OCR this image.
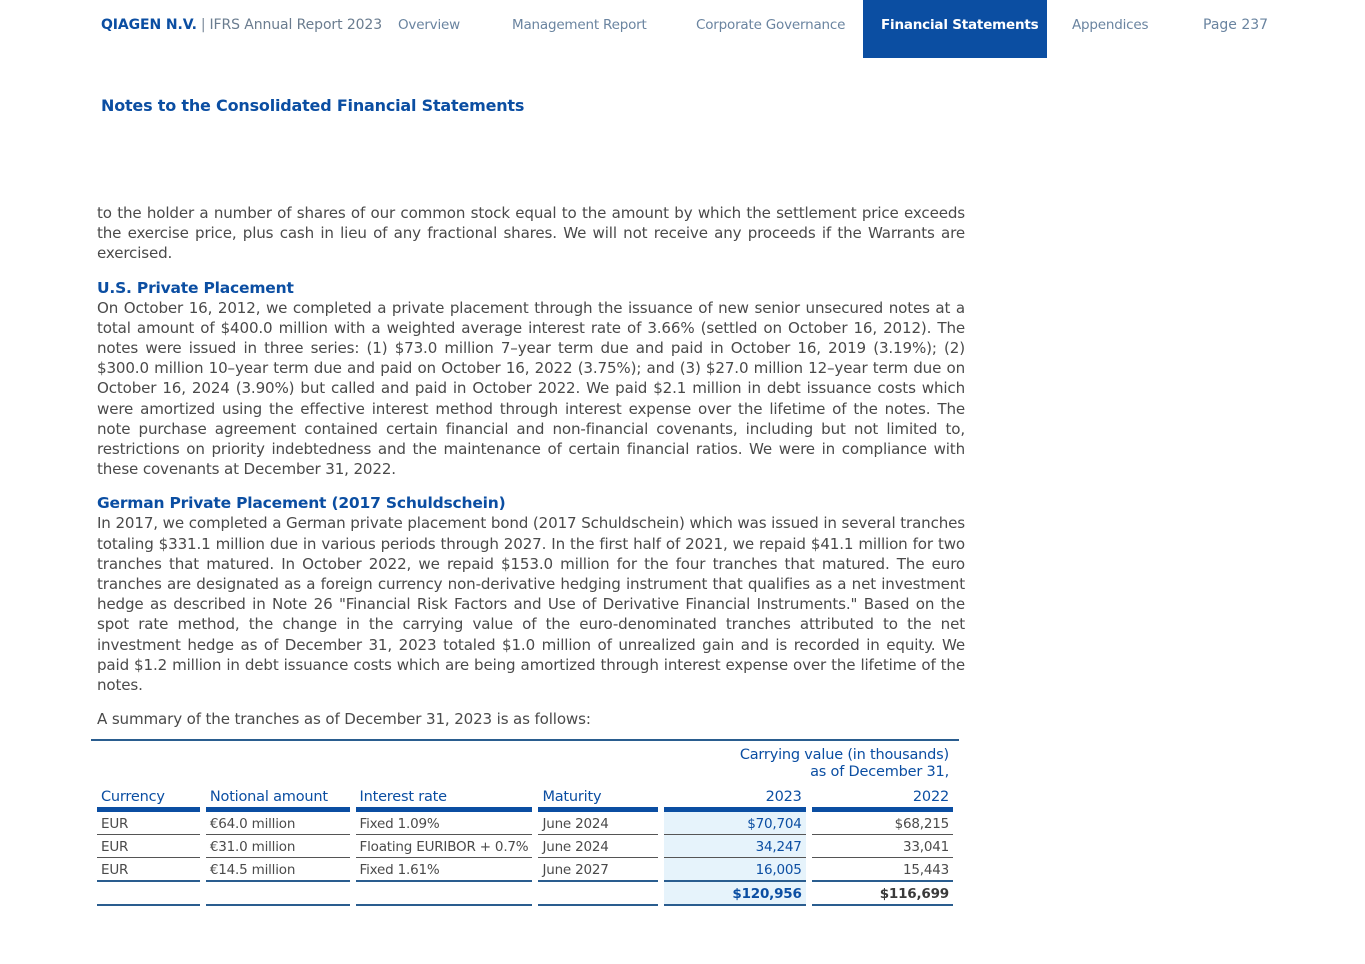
QIAGEN N.V. | IFRS Annual Report 2023 Overview	Management Report	Corporate Governance	Financial Statements	Appendices	Page 237
Notes to the Consolidated Financial Statements

to the holder a number of shares of our common stock equal to the amount by which the settlement price exceeds the exercise price, plus cash in lieu of any fractional shares. We will not receive any proceeds if the Warrants are exercised.

U.S. Private Placement

On October 16, 2012, we completed a private placement through the issuance of new senior unsecured notes at a total amount of $400.0 million with a weighted average interest rate of 3.66% (settled on October 16, 2012). The notes were issued in three series: (1) $73.0 million 7–year term due and paid in October 16, 2019 (3.19%); (2) $300.0 million 10–year term due and paid on October 16, 2022 (3.75%); and (3) $27.0 million 12–year term due on October 16, 2024 (3.90%) but called and paid in October 2022. We paid $2.1 million in debt issuance costs which were amortized using the effective interest method through interest expense over the lifetime of the notes. The note purchase agreement contained certain financial and non-financial covenants, including but not limited to, restrictions on priority indebtedness and the maintenance of certain financial ratios. We were in compliance with these covenants at December 31, 2022.

German Private Placement (2017 Schuldschein)

In 2017, we completed a German private placement bond (2017 Schuldschein) which was issued in several tranches totaling $331.1 million due in various periods through 2027. In the first half of 2021, we repaid $41.1 million for two tranches that matured. In October 2022, we repaid $153.0 million for the four tranches that matured. The euro tranches are designated as a foreign currency non-derivative hedging instrument that qualifies as a net investment hedge as described in Note 26 "Financial Risk Factors and Use of Derivative Financial Instruments." Based on the spot rate method, the change in the carrying value of the euro-denominated tranches attributed to the net investment hedge as of December 31, 2023 totaled $1.0 million of unrealized gain and is recorded in equity. We paid $1.2 million in debt issuance costs which are being amortized through interest expense over the lifetime of the notes.

A summary of the tranches as of December 31, 2023 is as follows:

				Carrying value (in thousands)
as of December 31,	

Currency	Notional amount	Interest rate	Maturity	2023	2022
EUR	€64.0 million	Fixed 1.09%	June 2024	$70,704	$68,215
EUR	€31.0 million	Floating EURIBOR + 0.7%	June 2024	34,247	33,041
EUR	€14.5 million	Fixed 1.61%	June 2027	16,005	15,443
				$120,956	$116,699
